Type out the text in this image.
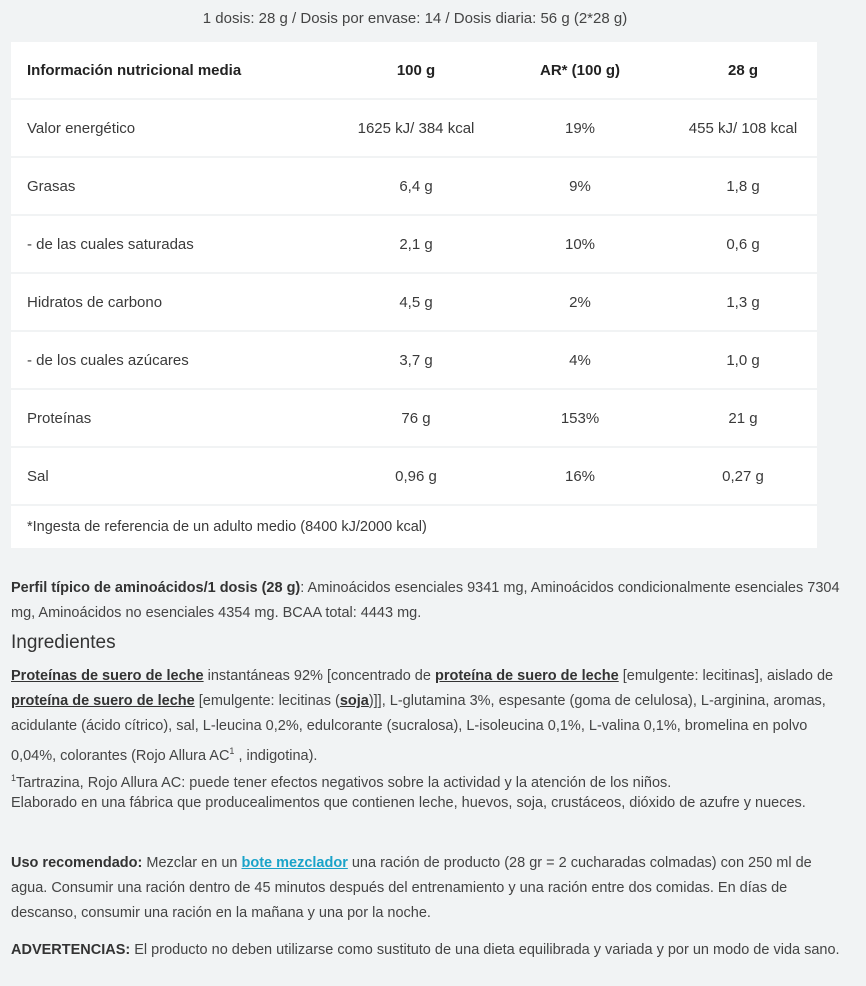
1 dosis: 28 g / Dosis por envase: 14 / Dosis diaria: 56 g (2*28 g)
Información nutricional media	100 g	AR* (100 g)	28 g
Valor energético	1625 kJ/ 384 kcal	19%	455 kJ/ 108 kcal
Grasas	6,4 g	9%	1,8 g
- de las cuales saturadas	2,1 g	10%	0,6 g
Hidratos de carbono	4,5 g	2%	1,3 g
- de los cuales azúcares	3,7 g	4%	1,0 g
Proteínas	76 g	153%	21 g
Sal	0,96 g	16%	0,27 g
*Ingesta de referencia de un adulto medio (8400 kJ/2000 kcal)
Perfil típico de aminoácidos/1 dosis (28 g): Aminoácidos esenciales 9341 mg, Aminoácidos condicionalmente esenciales 7304 mg, Aminoácidos no esenciales 4354 mg. BCAA total: 4443 mg.
Ingredientes
Proteínas de suero de leche instantáneas 92% [concentrado de proteína de suero de leche [emulgente: lecitinas], aislado de proteína de suero de leche [emulgente: lecitinas (soja)]], L-glutamina 3%, espesante (goma de celulosa), L-arginina, aromas, acidulante (ácido cítrico), sal, L-leucina 0,2%, edulcorante (sucralosa), L-isoleucina 0,1%, L-valina 0,1%, bromelina en polvo 0,04%, colorantes (Rojo Allura $AC^1$ , indigotina).
$^1$Tartrazina, Rojo Allura AC: puede tener efectos negativos sobre la actividad y la atención de los niños.
Elaborado en una fábrica que producealimentos que contienen leche, huevos, soja, crustáceos, dióxido de azufre y nueces.
Uso recomendado: Mezclar en un bote mezclador una ración de producto (28 gr = 2 cucharadas colmadas) con 250 ml de agua. Consumir una ración dentro de 45 minutos después del entrenamiento y una ración entre dos comidas. En días de descanso, consumir una ración en la mañana y una por la noche.
ADVERTENCIAS: El producto no deben utilizarse como sustituto de una dieta equilibrada y variada y por un modo de vida sano.
